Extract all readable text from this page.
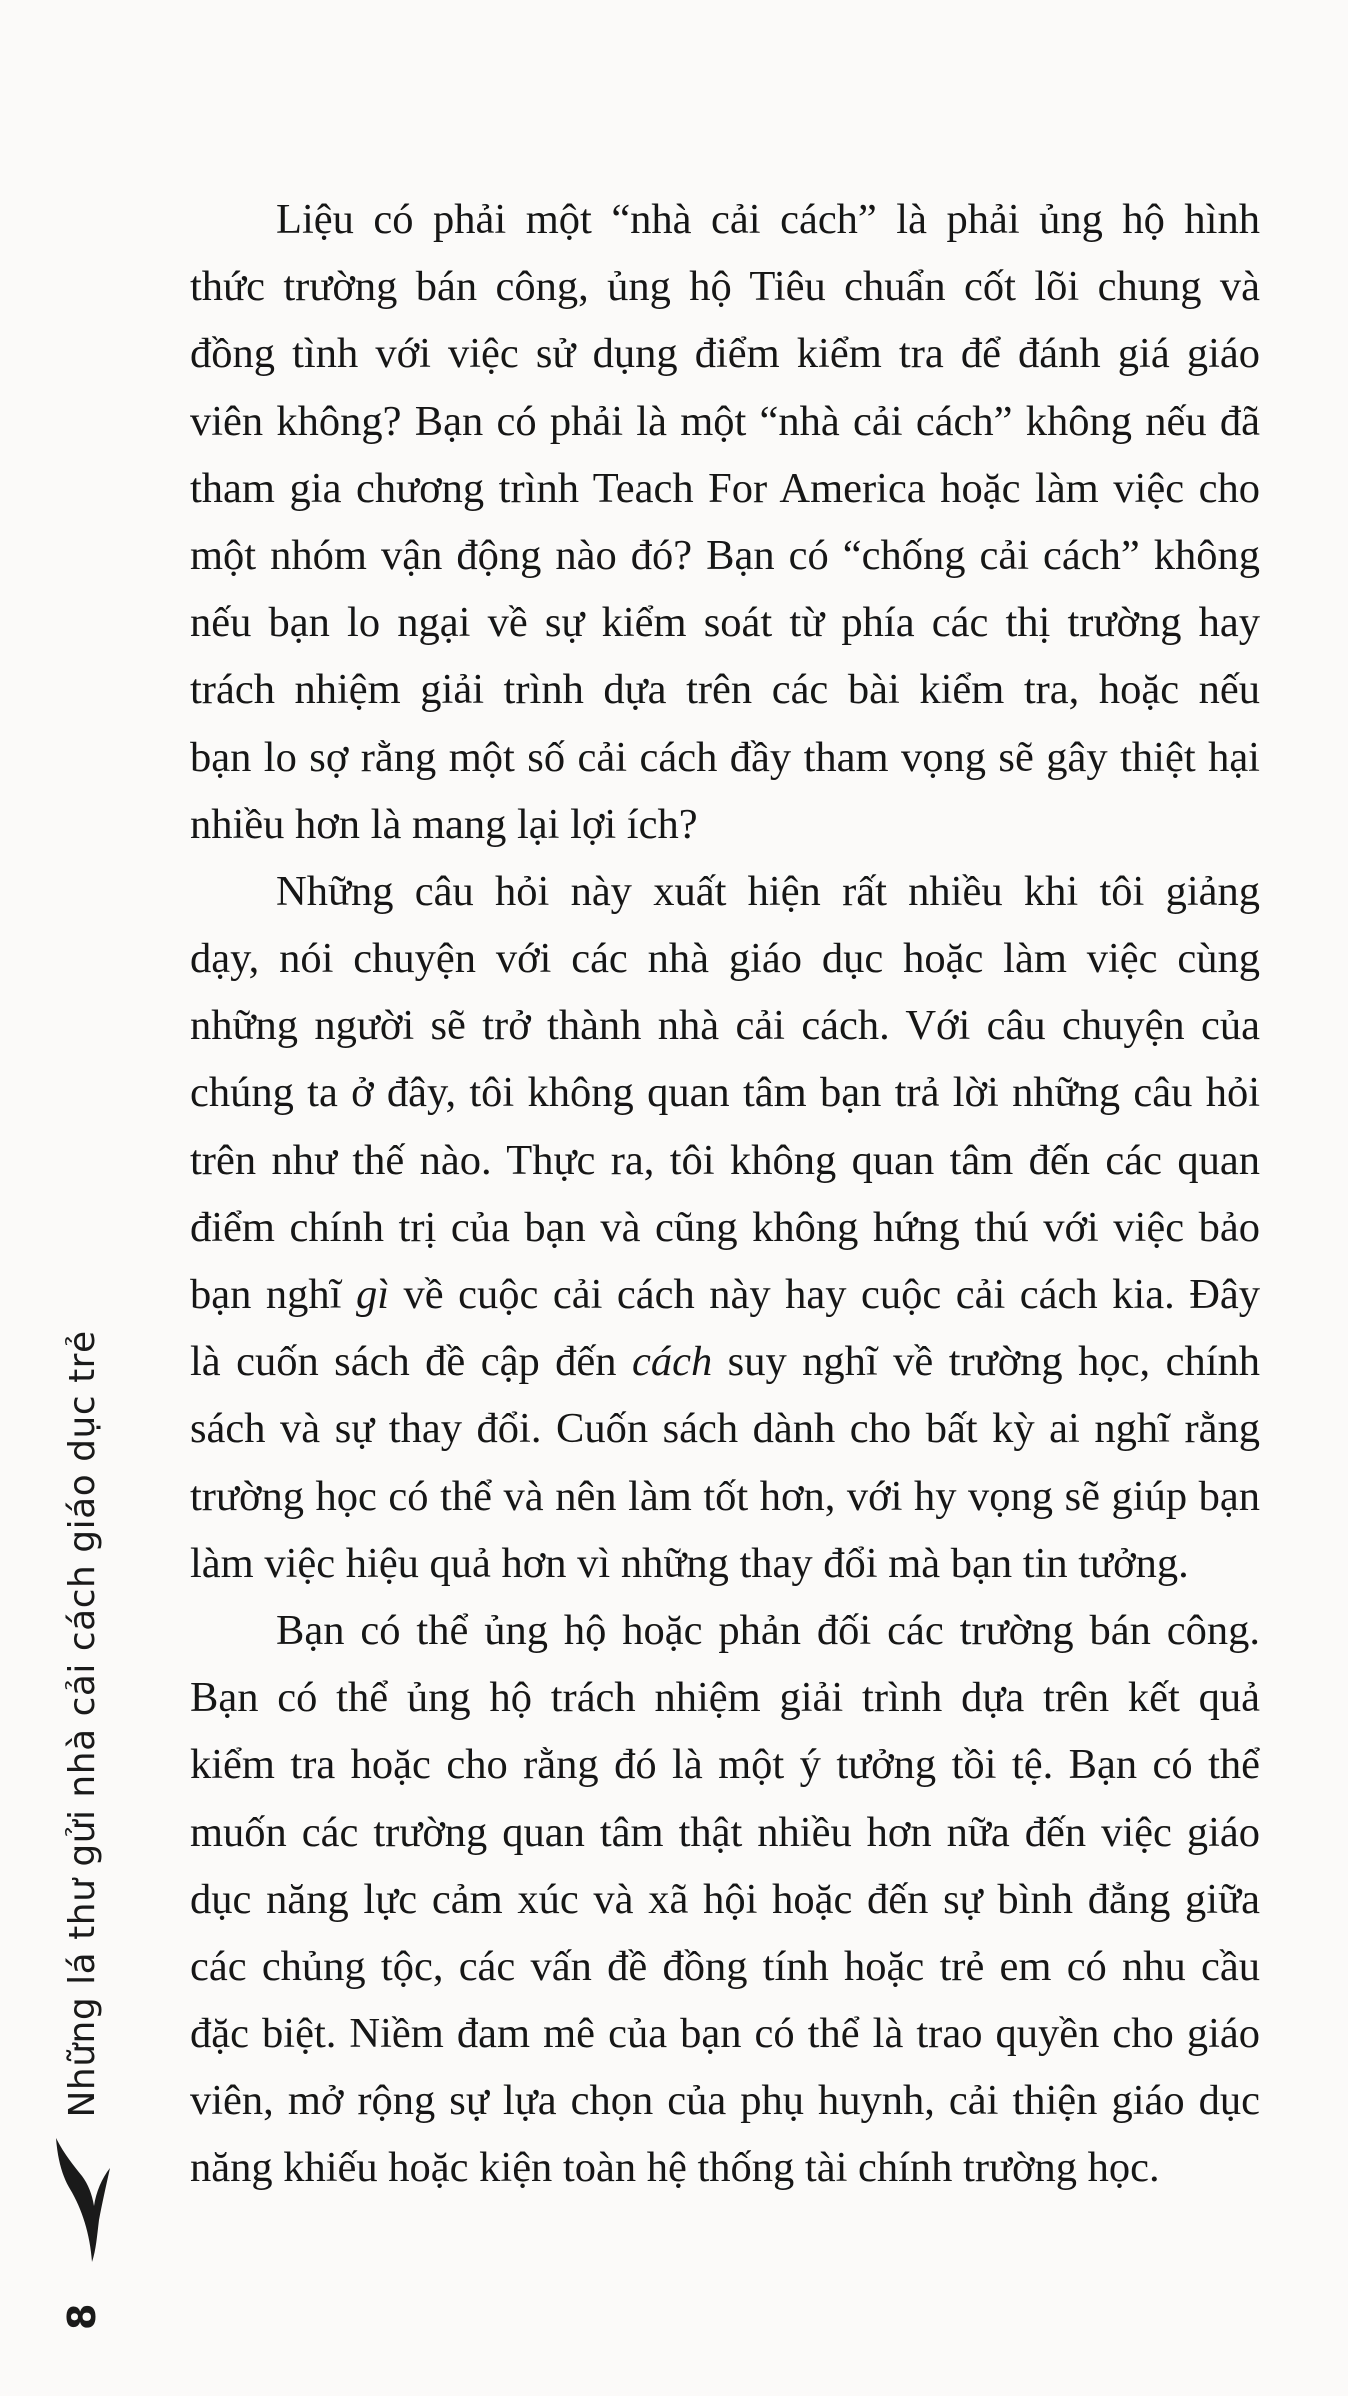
Liệu có phải một “nhà cải cách” là phải ủng hộ hình
thức trường bán công, ủng hộ Tiêu chuẩn cốt lõi chung và
đồng tình với việc sử dụng điểm kiểm tra để đánh giá giáo
viên không? Bạn có phải là một “nhà cải cách” không nếu đã
tham gia chương trình Teach For America hoặc làm việc cho
một nhóm vận động nào đó? Bạn có “chống cải cách” không
nếu bạn lo ngại về sự kiểm soát từ phía các thị trường hay
trách nhiệm giải trình dựa trên các bài kiểm tra, hoặc nếu
bạn lo sợ rằng một số cải cách đầy tham vọng sẽ gây thiệt hại
nhiều hơn là mang lại lợi ích?
Những câu hỏi này xuất hiện rất nhiều khi tôi giảng
dạy, nói chuyện với các nhà giáo dục hoặc làm việc cùng
những người sẽ trở thành nhà cải cách. Với câu chuyện của
chúng ta ở đây, tôi không quan tâm bạn trả lời những câu hỏi
trên như thế nào. Thực ra, tôi không quan tâm đến các quan
điểm chính trị của bạn và cũng không hứng thú với việc bảo
bạn nghĩ gì về cuộc cải cách này hay cuộc cải cách kia. Đây
là cuốn sách đề cập đến cách suy nghĩ về trường học, chính
sách và sự thay đổi. Cuốn sách dành cho bất kỳ ai nghĩ rằng
trường học có thể và nên làm tốt hơn, với hy vọng sẽ giúp bạn
làm việc hiệu quả hơn vì những thay đổi mà bạn tin tưởng.
Bạn có thể ủng hộ hoặc phản đối các trường bán công.
Bạn có thể ủng hộ trách nhiệm giải trình dựa trên kết quả
kiểm tra hoặc cho rằng đó là một ý tưởng tồi tệ. Bạn có thể
muốn các trường quan tâm thật nhiều hơn nữa đến việc giáo
dục năng lực cảm xúc và xã hội hoặc đến sự bình đẳng giữa
các chủng tộc, các vấn đề đồng tính hoặc trẻ em có nhu cầu
đặc biệt. Niềm đam mê của bạn có thể là trao quyền cho giáo
viên, mở rộng sự lựa chọn của phụ huynh, cải thiện giáo dục
năng khiếu hoặc kiện toàn hệ thống tài chính trường học.
8
Những lá thư gửi nhà cải cách giáo dục trẻ
